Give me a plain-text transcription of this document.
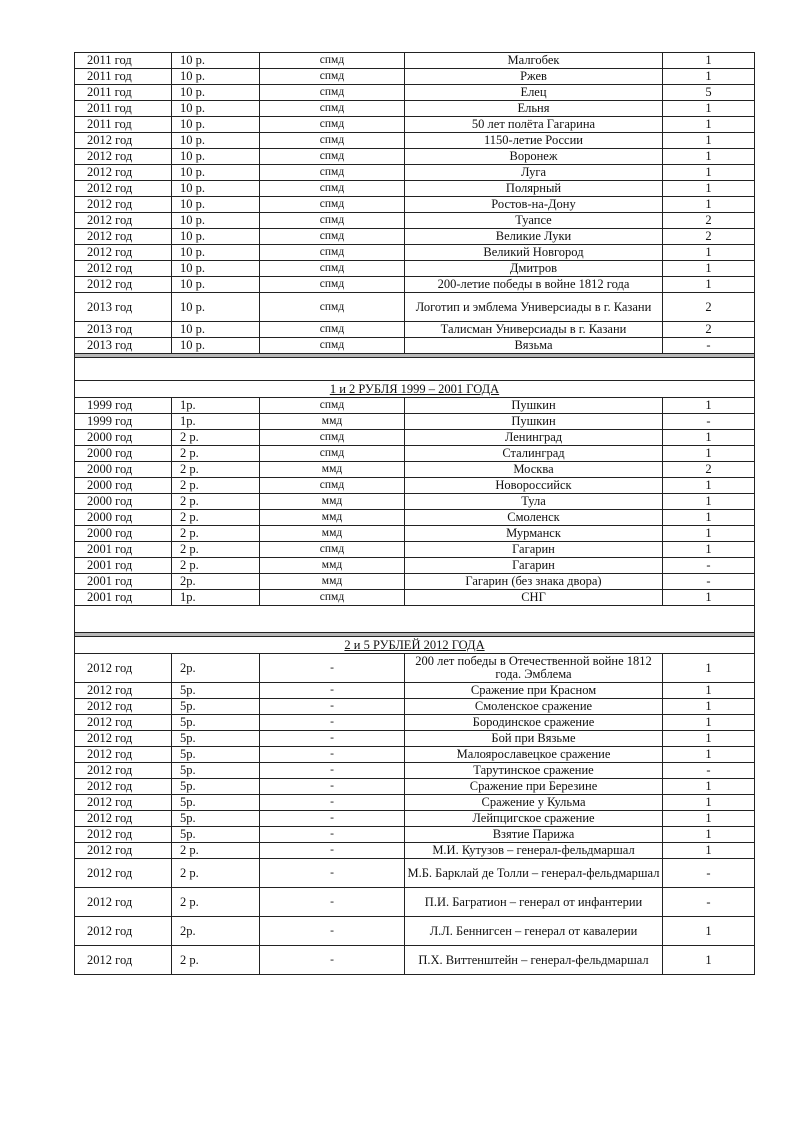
2011 год	10 р.	спмд	Малгобек	1
2011 год	10 р.	спмд	Ржев	1
2011 год	10 р.	спмд	Елец	5
2011 год	10 р.	спмд	Ельня	1
2011 год	10 р.	спмд	50 лет полёта Гагарина	1
2012 год	10 р.	спмд	1150-летие России	1
2012 год	10 р.	спмд	Воронеж	1
2012 год	10 р.	спмд	Луга	1
2012 год	10 р.	спмд	Полярный	1
2012 год	10 р.	спмд	Ростов-на-Дону	1
2012 год	10 р.	спмд	Туапсе	2
2012 год	10 р.	спмд	Великие Луки	2
2012 год	10 р.	спмд	Великий Новгород	1
2012 год	10 р.	спмд	Дмитров	1
2012 год	10 р.	спмд	200-летие победы в войне 1812 года	1
2013 год	10 р.	спмд	Логотип и эмблема Универсиады в г. Казани	2
2013 год	10 р.	спмд	Талисман Универсиады в г. Казани	2
2013 год	10 р.	спмд	Вязьма	-

1 и 2 РУБЛЯ 1999 – 2001 ГОДА				
1999 год	1р.	спмд	Пушкин	1
1999 год	1р.	ммд	Пушкин	-
2000 год	2 р.	спмд	Ленинград	1
2000 год	2 р.	спмд	Сталинград	1
2000 год	2 р.	ммд	Москва	2
2000 год	2 р.	спмд	Новороссийск	1
2000 год	2 р.	ммд	Тула	1
2000 год	2 р.	ммд	Смоленск	1
2000 год	2 р.	ммд	Мурманск	1
2001 год	2 р.	спмд	Гагарин	1
2001 год	2 р.	ммд	Гагарин	-
2001 год	2р.	ммд	Гагарин (без знака двора)	-
2001 год	1р.	спмд	СНГ	1

2 и 5 РУБЛЕЙ 2012 ГОДА				
2012 год	2р.	-	200 лет победы в Отечественной войне 1812 года. Эмблема	1
2012 год	5р.	-	Сражение при Красном	1
2012 год	5р.	-	Смоленское сражение	1
2012 год	5р.	-	Бородинское сражение	1
2012 год	5р.	-	Бой при Вязьме	1
2012 год	5р.	-	Малоярославецкое сражение	1
2012 год	5р.	-	Тарутинское сражение	-
2012 год	5р.	-	Сражение при Березине	1
2012 год	5р.	-	Сражение у Кульма	1
2012 год	5р.	-	Лейпцигское сражение	1
2012 год	5р.	-	Взятие Парижа	1
2012 год	2 р.	-	М.И. Кутузов – генерал-фельдмаршал	1
2012 год	2 р.	-	М.Б. Барклай де Толли – генерал-фельдмаршал	-
2012 год	2 р.	-	П.И. Багратион – генерал от инфантерии	-
2012 год	2р.	-	Л.Л. Беннигсен – генерал от кавалерии	1
2012 год	2 р.	-	П.Х. Виттенштейн – генерал-фельдмаршал	1
